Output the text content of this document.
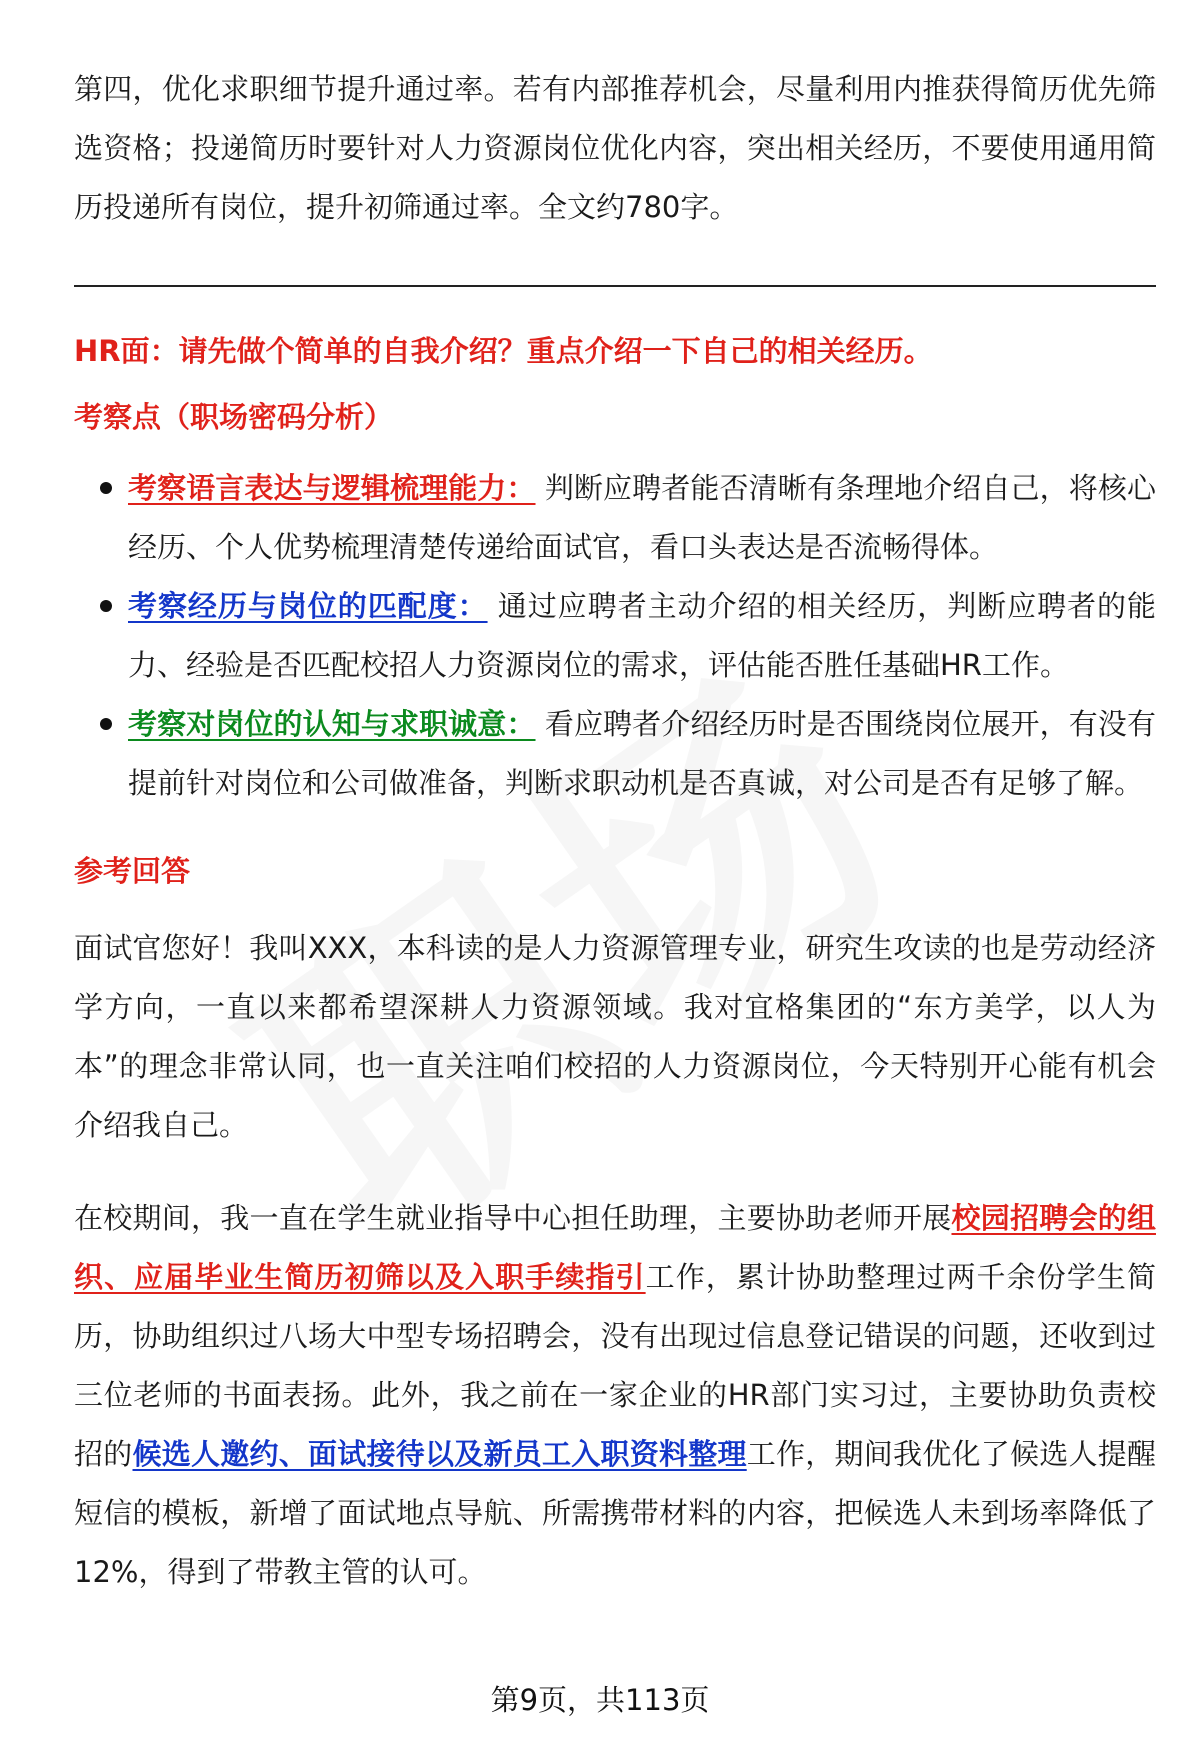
第四，优化求职细节提升通过率。若有内部推荐机会，尽量利用内推获得简历优先筛选资格；投递简历时要针对人力资源岗位优化内容，突出相关经历，不要使用通用简历投递所有岗位，提升初筛通过率。全文约780字。

HR面：请先做个简单的自我介绍？重点介绍一下自己的相关经历。

考察点（职场密码分析）

考察语言表达与逻辑梳理能力： 判断应聘者能否清晰有条理地介绍自己，将核心经历、个人优势梳理清楚传递给面试官，看口头表达是否流畅得体。
考察经历与岗位的匹配度： 通过应聘者主动介绍的相关经历，判断应聘者的能力、经验是否匹配校招人力资源岗位的需求，评估能否胜任基础HR工作。
考察对岗位的认知与求职诚意： 看应聘者介绍经历时是否围绕岗位展开，有没有提前针对岗位和公司做准备，判断求职动机是否真诚，对公司是否有足够了解。

参考回答

面试官您好！我叫XXX，本科读的是人力资源管理专业，研究生攻读的也是劳动经济学方向，一直以来都希望深耕人力资源领域。我对宜格集团的“东方美学，以人为本”的理念非常认同，也一直关注咱们校招的人力资源岗位，今天特别开心能有机会介绍我自己。

在校期间，我一直在学生就业指导中心担任助理，主要协助老师开展校园招聘会的组织、应届毕业生简历初筛以及入职手续指引工作，累计协助整理过两千余份学生简历，协助组织过八场大中型专场招聘会，没有出现过信息登记错误的问题，还收到过三位老师的书面表扬。此外，我之前在一家企业的HR部门实习过，主要协助负责校招的候选人邀约、面试接待以及新员工入职资料整理工作，期间我优化了候选人提醒短信的模板，新增了面试地点导航、所需携带材料的内容，把候选人未到场率降低了12%，得到了带教主管的认可。

第9页，共113页
